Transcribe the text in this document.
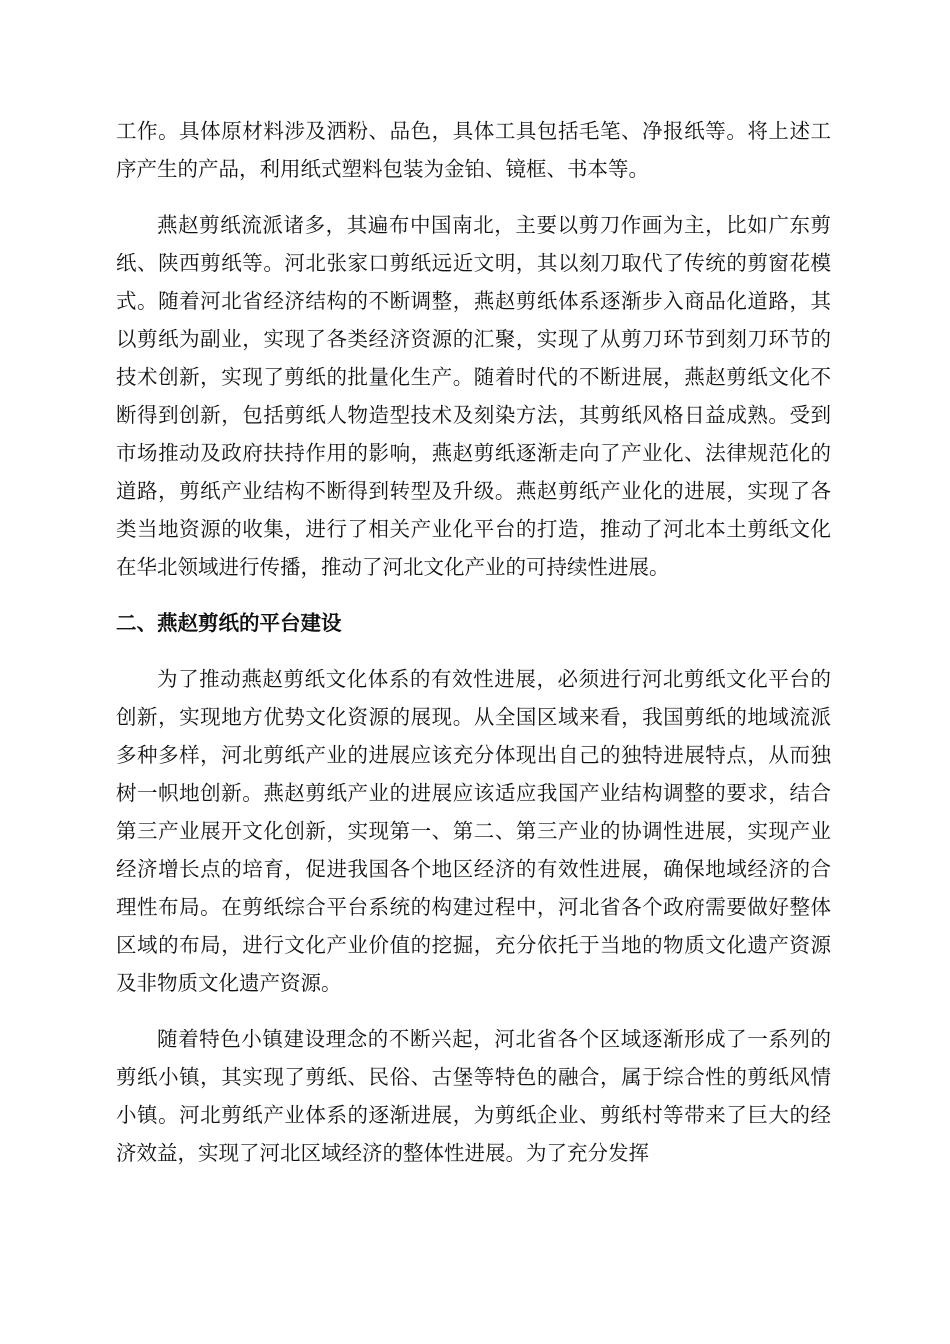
工作。具体原材料涉及洒粉、品色，具体工具包括毛笔、净报纸等。将上述工序产生的产品，利用纸式塑料包装为金铂、镜框、书本等。

燕赵剪纸流派诸多，其遍布中国南北，主要以剪刀作画为主，比如广东剪纸、陕西剪纸等。河北张家口剪纸远近文明，其以刻刀取代了传统的剪窗花模式。随着河北省经济结构的不断调整，燕赵剪纸体系逐渐步入商品化道路，其以剪纸为副业，实现了各类经济资源的汇聚，实现了从剪刀环节到刻刀环节的技术创新，实现了剪纸的批量化生产。随着时代的不断进展，燕赵剪纸文化不断得到创新，包括剪纸人物造型技术及刻染方法，其剪纸风格日益成熟。受到市场推动及政府扶持作用的影响，燕赵剪纸逐渐走向了产业化、法律规范化的道路，剪纸产业结构不断得到转型及升级。燕赵剪纸产业化的进展，实现了各类当地资源的收集，进行了相关产业化平台的打造，推动了河北本土剪纸文化在华北领域进行传播，推动了河北文化产业的可持续性进展。

二、燕赵剪纸的平台建设

为了推动燕赵剪纸文化体系的有效性进展，必须进行河北剪纸文化平台的创新，实现地方优势文化资源的展现。从全国区域来看，我国剪纸的地域流派多种多样，河北剪纸产业的进展应该充分体现出自己的独特进展特点，从而独树一帜地创新。燕赵剪纸产业的进展应该适应我国产业结构调整的要求，结合第三产业展开文化创新，实现第一、第二、第三产业的协调性进展，实现产业经济增长点的培育，促进我国各个地区经济的有效性进展，确保地域经济的合理性布局。在剪纸综合平台系统的构建过程中，河北省各个政府需要做好整体区域的布局，进行文化产业价值的挖掘，充分依托于当地的物质文化遗产资源及非物质文化遗产资源。

随着特色小镇建设理念的不断兴起，河北省各个区域逐渐形成了一系列的剪纸小镇，其实现了剪纸、民俗、古堡等特色的融合，属于综合性的剪纸风情小镇。河北剪纸产业体系的逐渐进展，为剪纸企业、剪纸村等带来了巨大的经济效益，实现了河北区域经济的整体性进展。为了充分发挥
